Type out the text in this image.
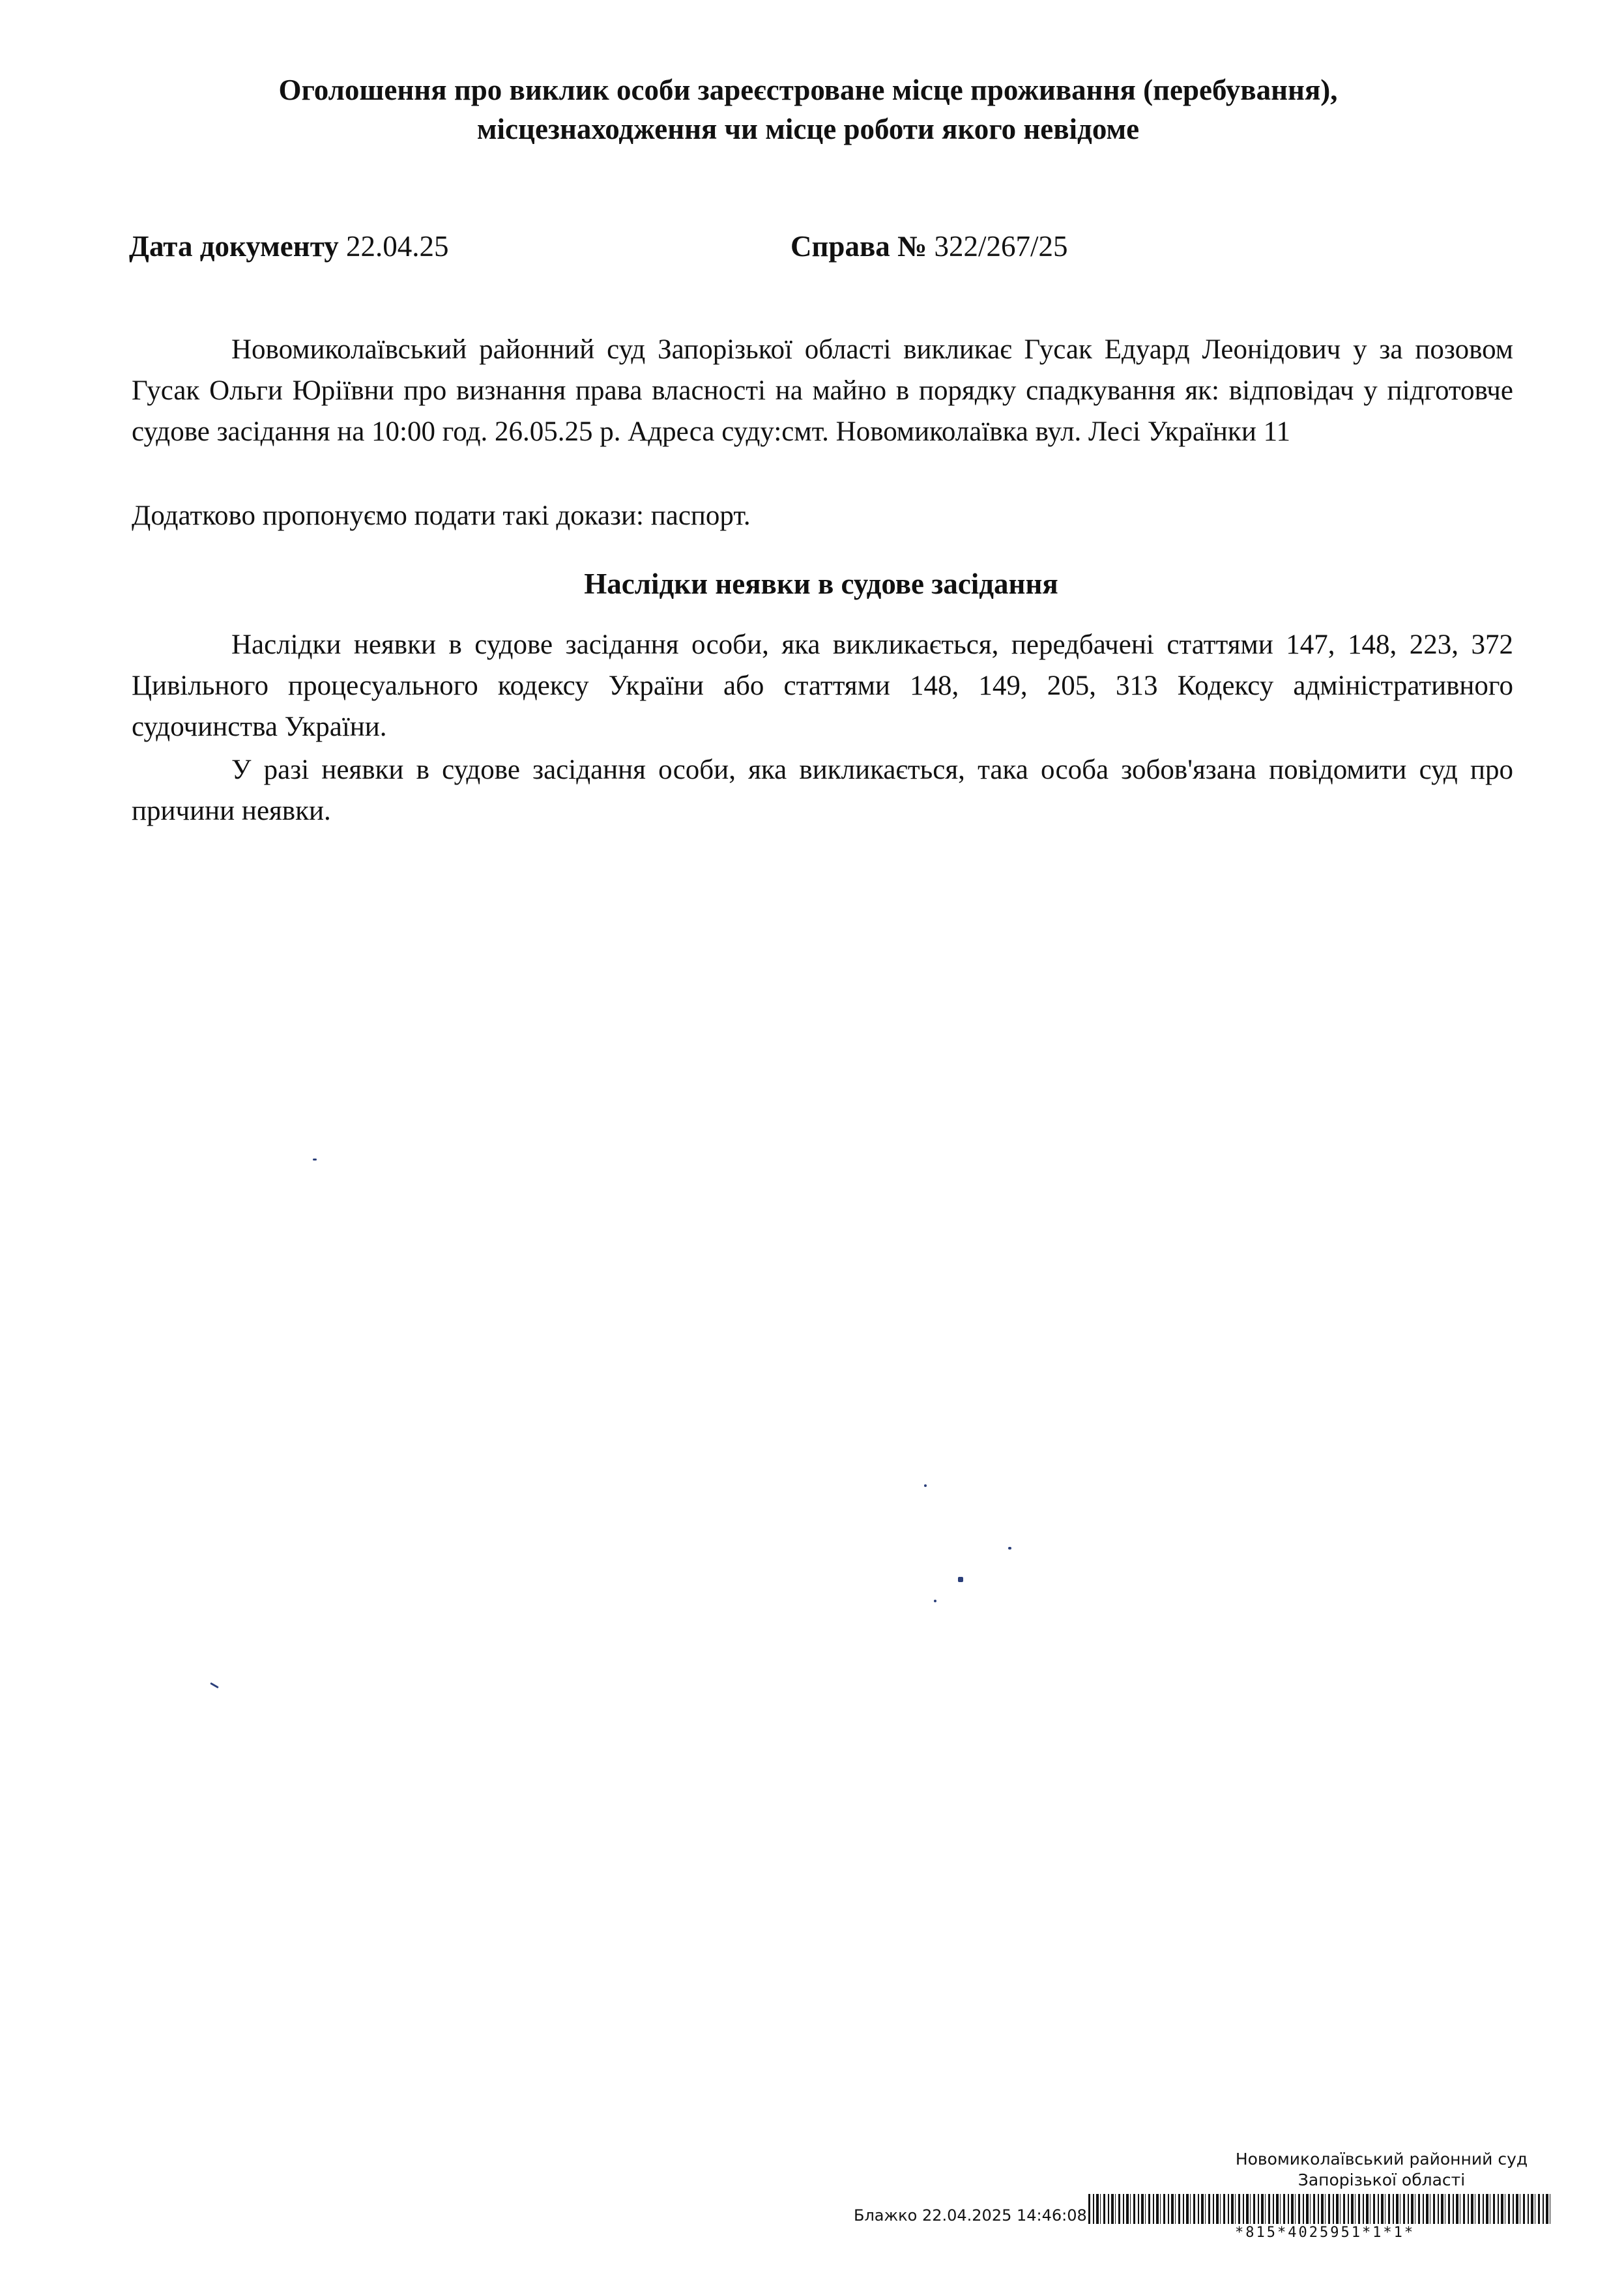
Оголошення про виклик особи зареєстроване місце проживання (перебування),
місцезнаходження чи місце роботи якого невідоме
Дата документу 22.04.25	Справа № 322/267/25

Новомиколаївський районний суд Запорізької області викликає Гусак Едуард Леонідович у за позовом Гусак Ольги Юріївни про визнання права власності на майно в порядку спадкування як: відповідач у підготовче судове засідання на 10:00 год. 26.05.25 р. Адреса суду:смт. Новомиколаївка вул. Лесі Українки 11

Додатково пропонуємо подати такі докази: паспорт.

Наслідки неявки в судове засідання

Наслідки неявки в судове засідання особи, яка викликається, передбачені статтями 147, 148, 223, 372 Цивільного процесуального кодексу України або статтями 148, 149, 205, 313 Кодексу адміністративного судочинства України.

У разі неявки в судове засідання особи, яка викликається, така особа зобов'язана повідомити суд про причини неявки.

Новомиколаївський районний суд
Запорізької області
Блажко 22.04.2025 14:46:08
*815*4025951*1*1*
